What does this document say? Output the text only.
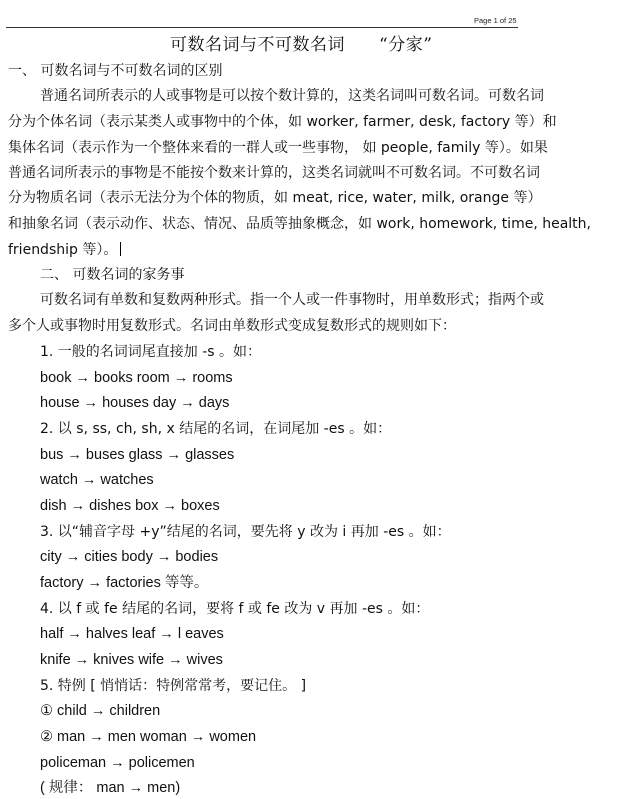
Page 1 of 25
可数名词与不可数名词 “分家”
一、 可数名词与不可数名词的区别
普通名词所表示的人或事物是可以按个数计算的，这类名词叫可数名词。可数名词
分为个体名词（表示某类人或事物中的个体，如 worker, farmer, desk, factory 等）和
集体名词（表示作为一个整体来看的一群人或一些事物， 如 people, family 等）。如果
普通名词所表示的事物是不能按个数来计算的，这类名词就叫不可数名词。不可数名词
分为物质名词（表示无法分为个体的物质，如 meat, rice, water, milk, orange 等）
和抽象名词（表示动作、状态、情况、品质等抽象概念，如 work, homework, time, health,
friendship 等）。
二、 可数名词的家务事
可数名词有单数和复数两种形式。指一个人或一件事物时，用单数形式；指两个或
多个人或事物时用复数形式。名词由单数形式变成复数形式的规则如下：
1. 一般的名词词尾直接加 -s 。如：
book → books room → rooms
house → houses day → days
2. 以 s, ss, ch, sh, x 结尾的名词，在词尾加 -es 。如：
bus → buses glass → glasses
watch → watches
dish → dishes box → boxes
3. 以“辅音字母 +y”结尾的名词，要先将 y 改为 i 再加 -es 。如：
city → cities body → bodies
factory → factories 等等。
4. 以 f 或 fe 结尾的名词，要将 f 或 fe 改为 v 再加 -es 。如：
half → halves leaf → l eaves
knife → knives wife → wives
5. 特例 [ 悄悄话：特例常常考，要记住。 ]
① child → children
② man → men woman → women
policeman → policemen
( 规律： man → men)
